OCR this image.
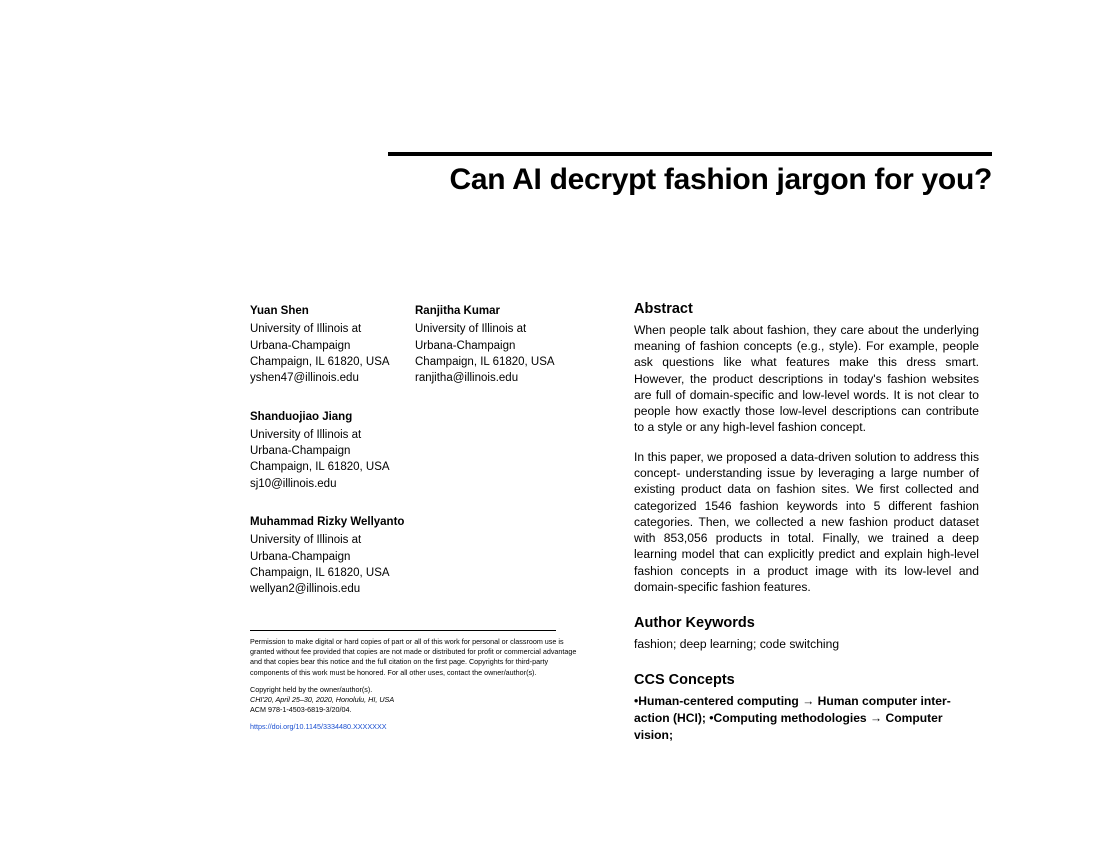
Can AI decrypt fashion jargon for you?

Yuan Shen

University of Illinois at

Urbana-Champaign

Champaign, IL 61820, USA

yshen47@illinois.edu

Ranjitha Kumar

University of Illinois at

Urbana-Champaign

Champaign, IL 61820, USA

ranjitha@illinois.edu

Shanduojiao Jiang

University of Illinois at

Urbana-Champaign

Champaign, IL 61820, USA

sj10@illinois.edu

Muhammad Rizky Wellyanto

University of Illinois at

Urbana-Champaign

Champaign, IL 61820, USA

wellyan2@illinois.edu

Permission to make digital or hard copies of part or all of this work for personal or classroom use is granted without fee provided that copies are not made or distributed for profit or commercial advantage and that copies bear this notice and the full citation on the first page. Copyrights for third-party components of this work must be honored. For all other uses, contact the owner/author(s).

Copyright held by the owner/author(s).

CHI'20, April 25–30, 2020, Honolulu, HI, USA

ACM 978-1-4503-6819-3/20/04.

https://doi.org/10.1145/3334480.XXXXXXX
Abstract

When people talk about fashion, they care about the underlying meaning of fashion concepts (e.g., style). For example, people ask questions like what features make this dress smart. However, the product descriptions in today's fashion websites are full of domain-specific and low-level words. It is not clear to people how exactly those low-level descriptions can contribute to a style or any high-level fashion concept.

In this paper, we proposed a data-driven solution to address this concept- understanding issue by leveraging a large number of existing product data on fashion sites. We first collected and categorized 1546 fashion keywords into 5 different fashion categories. Then, we collected a new fashion product dataset with 853,056 products in total. Finally, we trained a deep learning model that can explicitly predict and explain high-level fashion concepts in a product image with its low-level and domain-specific fashion features.

Author Keywords

fashion; deep learning; code switching

CCS Concepts

•Human-centered computing → Human computer inter- action (HCI); •Computing methodologies → Computer vision;
